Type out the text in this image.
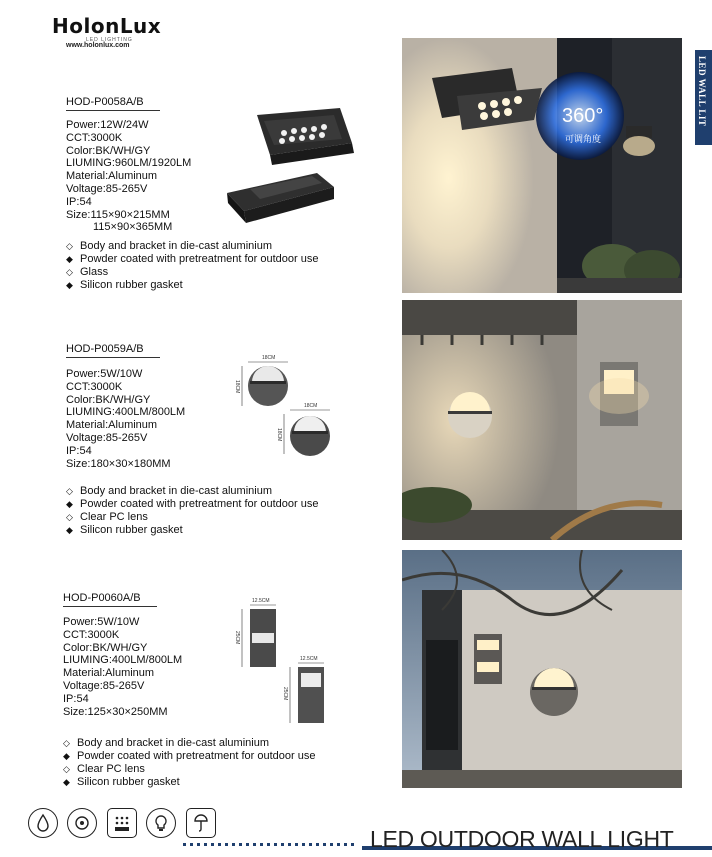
HolonLux
LED LIGHTING
www.holonlux.com
LED WALL LIT
HOD-P0058A/B
Power:12W/24W
CCT:3000K
Color:BK/WH/GY
LIUMING:960LM/1920LM
Material:Aluminum
Voltage:85-265V
IP:54
Size:115×90×215MM
115×90×365MM
◇ Body and bracket in die-cast aluminium
◆ Powder coated with pretreatment for outdoor use
◇ Glass
◆ Silicon rubber gasket
360°
可调角度
HOD-P0059A/B
Power:5W/10W
CCT:3000K
Color:BK/WH/GY
LIUMING:400LM/800LM
Material:Aluminum
Voltage:85-265V
IP:54
Size:180×30×180MM
◇ Body and bracket in die-cast aluminium
◆ Powder coated with pretreatment for outdoor use
◇ Clear PC lens
◆ Silicon rubber gasket
18CM
18CM
18CM
18CM
HOD-P0060A/B
Power:5W/10W
CCT:3000K
Color:BK/WH/GY
LIUMING:400LM/800LM
Material:Aluminum
Voltage:85-265V
IP:54
Size:125×30×250MM
◇ Body and bracket in die-cast aluminium
◆ Powder coated with pretreatment for outdoor use
◇ Clear PC lens
◆ Silicon rubber gasket
12.5CM
25CM
12.5CM
25CM

LED OUTDOOR WALL LIGHT
